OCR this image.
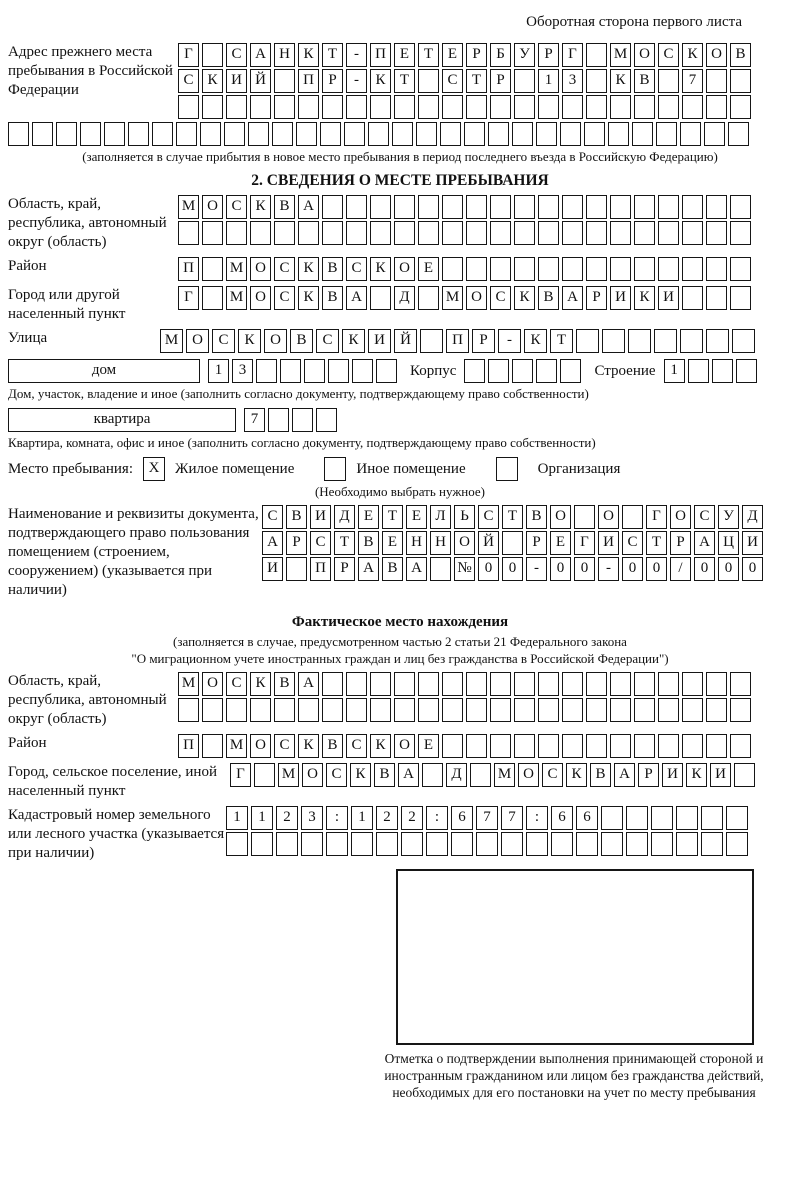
Оборотная сторона первого листа
Адрес прежнего места пребывания в Российской Федерации
Г	С А Н К Т	-	П Е Т Е	Р	Б У Р	Г	М О С К О В
С К И Й	П Р	-	К Т	С Т	Р	1	3	К В	7
(заполняется в случае прибытия в новое место пребывания в период последнего въезда в Российскую Федерацию)
2. СВЕДЕНИЯ О МЕСТЕ ПРЕБЫВАНИЯ
Область, край, республика, автономный округ (область)
М О С К В А
Район	П	М О С К В С К О Е
Город или другой населенный пункт
Г	М О С К В А	Д	М О С К В А Р И К И
Улица	М О	С	К	О	В	С	К	И	Й	П	Р	-	К	Т
дом	1	3	Корпус	Строение 1
Дом, участок, владение и иное (заполнить согласно документу, подтверждающему право собственности)
квартира	7
Квартира, комната, офис и иное (заполнить согласно документу, подтверждающему право собственности)
Место пребывания:	X	Жилое помещение	Иное помещение	Организация
(Необходимо выбрать нужное)
Наименование и реквизиты документа, подтверждающего право пользования помещением (строением, сооружением) (указывается при наличии)
С В И Д Е Т Е Л Ь С Т В О	О	Г О С У Д
А Р С Т В Е Н Н О Й	Р	Е	Г И С Т	Р А Ц И
И	П Р А В А	№ 0	0	-	0	0	-	0	0	/	0	0	0
Фактическое место нахождения
(заполняется в случае, предусмотренном частью 2 статьи 21 Федерального закона
"О миграционном учете иностранных граждан и лиц без гражданства в Российской Федерации")
Область, край, республика, автономный округ (область)
М О С К В А
Район	П	М О С К В С К О Е
Город, сельское поселение, иной населенный пункт
Г	М О С К В А	Д	М О С К В А Р И К И
Кадастровый номер земельного или лесного участка (указывается при наличии)
1	1	2	3	:	1	2	2	:	6	7	7	:	6	6
Отметка о подтверждении выполнения принимающей стороной и иностранным гражданином или лицом без гражданства действий, необходимых для его постановки на учет по месту пребывания
